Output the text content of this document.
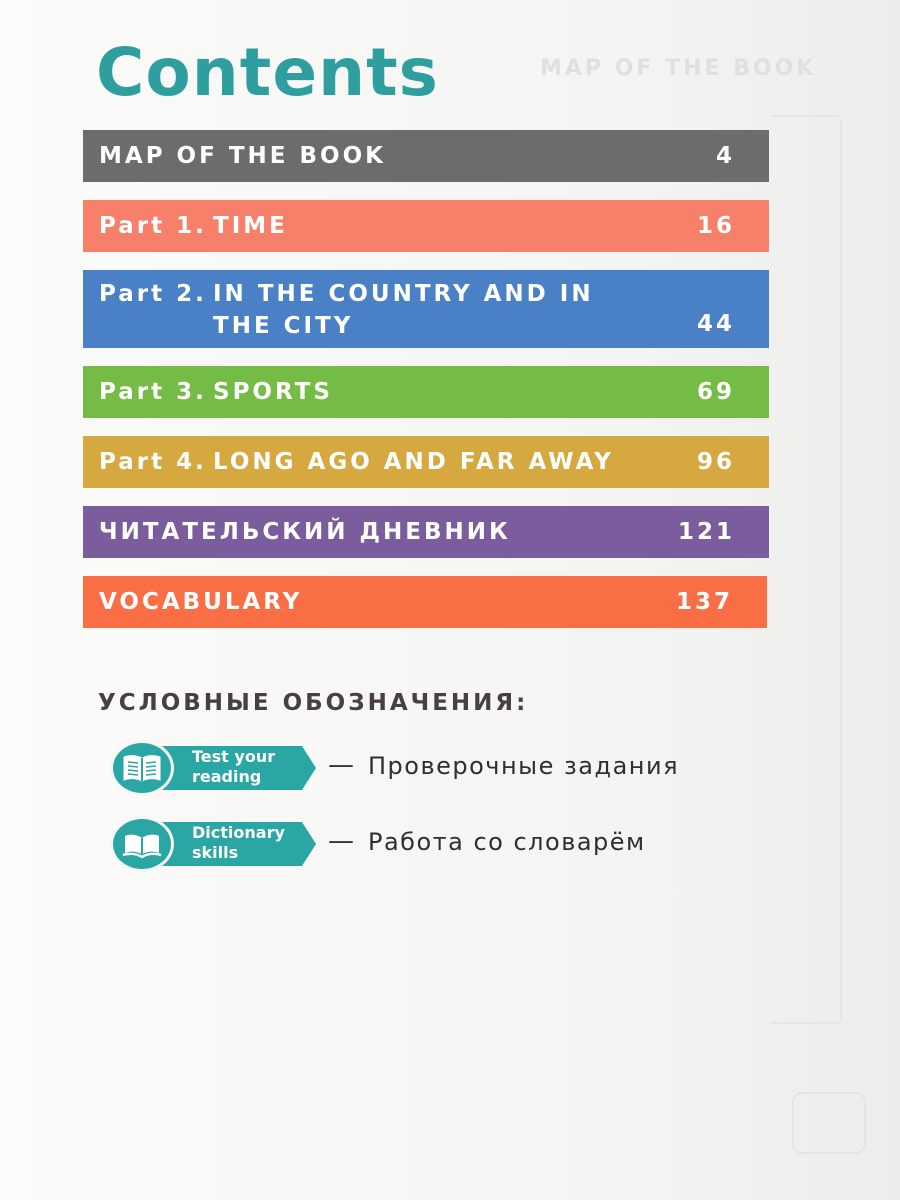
MAP OF THE BOOK
Contents
MAP OF THE BOOK	4
Part 1. TIME	16
Part 2. IN THE COUNTRY AND IN
THE CITY	44
Part 3. SPORTS	69
Part 4. LONG AGO AND FAR AWAY	96
ЧИТАТЕЛЬСКИЙ ДНЕВНИК	121
VOCABULARY	137
УСЛОВНЫЕ ОБОЗНАЧЕНИЯ:
Test your
reading	— Проверочные задания
Dictionary
skills	— Работа со словарём
